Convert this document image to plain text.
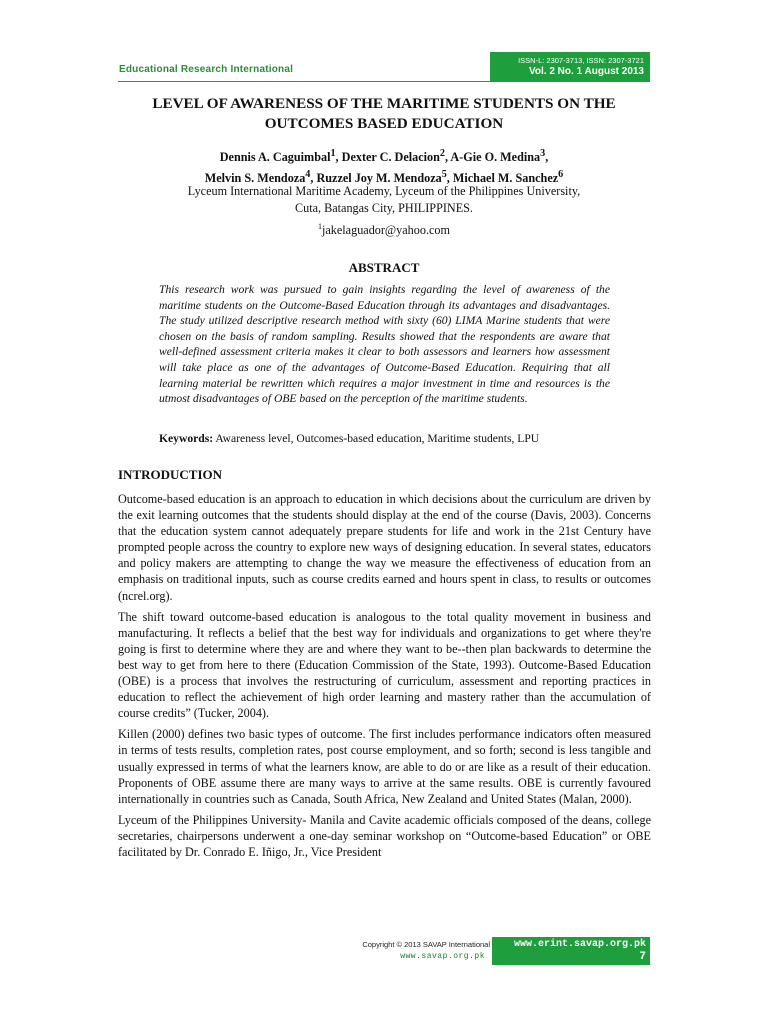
Educational Research International
ISSN-L: 2307-3713, ISSN: 2307-3721
Vol. 2 No. 1 August 2013
LEVEL OF AWARENESS OF THE MARITIME STUDENTS ON THE
OUTCOMES BASED EDUCATION
Dennis A. Caguimbal$^1$, Dexter C. Delacion$^2$, A-Gie O. Medina$^3$,
Melvin S. Mendoza$^4$, Ruzzel Joy M. Mendoza$^5$, Michael M. Sanchez$^6$
Lyceum International Maritime Academy, Lyceum of the Philippines University,
Cuta, Batangas City, PHILIPPINES.
$^1$jakelaguador@yahoo.com
ABSTRACT

This research work was pursued to gain insights regarding the level of awareness of the maritime students on the Outcome-Based Education through its advantages and disadvantages. The study utilized descriptive research method with sixty (60) LIMA Marine students that were chosen on the basis of random sampling. Results showed that the respondents are aware that well-defined assessment criteria makes it clear to both assessors and learners how assessment will take place as one of the advantages of Outcome-Based Education. Requiring that all learning material be rewritten which requires a major investment in time and resources is the utmost disadvantages of OBE based on the perception of the maritime students.

Keywords: Awareness level, Outcomes-based education, Maritime students, LPU

INTRODUCTION

Outcome-based education is an approach to education in which decisions about the curriculum are driven by the exit learning outcomes that the students should display at the end of the course (Davis, 2003). Concerns that the education system cannot adequately prepare students for life and work in the 21st Century have prompted people across the country to explore new ways of designing education. In several states, educators and policy makers are attempting to change the way we measure the effectiveness of education from an emphasis on traditional inputs, such as course credits earned and hours spent in class, to results or outcomes (ncrel.org).

The shift toward outcome-based education is analogous to the total quality movement in business and manufacturing. It reflects a belief that the best way for individuals and organizations to get where they're going is first to determine where they are and where they want to be--then plan backwards to determine the best way to get from here to there (Education Commission of the State, 1993). Outcome-Based Education (OBE) is a process that involves the restructuring of curriculum, assessment and reporting practices in education to reflect the achievement of high order learning and mastery rather than the accumulation of course credits” (Tucker, 2004).

Killen (2000) defines two basic types of outcome. The first includes performance indicators often measured in terms of tests results, completion rates, post course employment, and so forth; second is less tangible and usually expressed in terms of what the learners know, are able to do or are like as a result of their education. Proponents of OBE assume there are many ways to arrive at the same results. OBE is currently favoured internationally in countries such as Canada, South Africa, New Zealand and United States (Malan, 2000).

Lyceum of the Philippines University- Manila and Cavite academic officials composed of the deans, college secretaries, chairpersons underwent a one-day seminar workshop on “Outcome-based Education” or OBE facilitated by Dr. Conrado E. Iñigo, Jr., Vice President

Copyright © 2013 SAVAP International
www.savap.org.pk
www.erint.savap.org.pk
7
